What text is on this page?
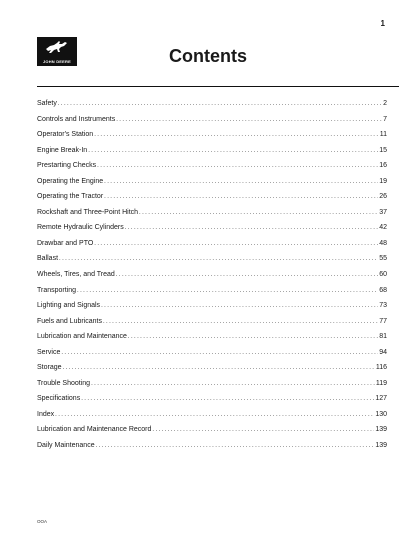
1
JOHN DEERE	Contents
Safety .....	2
Controls and Instruments .....	7
Operator's Station .....	11
Engine Break-In .....	15
Prestarting Checks .....	16
Operating the Engine .....	19
Operating the Tractor .....	26
Rockshaft and Three-Point Hitch .....	37
Remote Hydraulic Cylinders .....	42
Drawbar and PTO .....	48
Ballast .....	55
Wheels, Tires, and Tread .....	60
Transporting .....	68
Lighting and Signals .....	73
Fuels and Lubricants .....	77
Lubrication and Maintenance .....	81
Service .....	94
Storage .....	116
Trouble Shooting .....	119
Specifications .....	127
Index .....	130
Lubrication and Maintenance Record .....	139
Daily Maintenance .....	139
OOA
